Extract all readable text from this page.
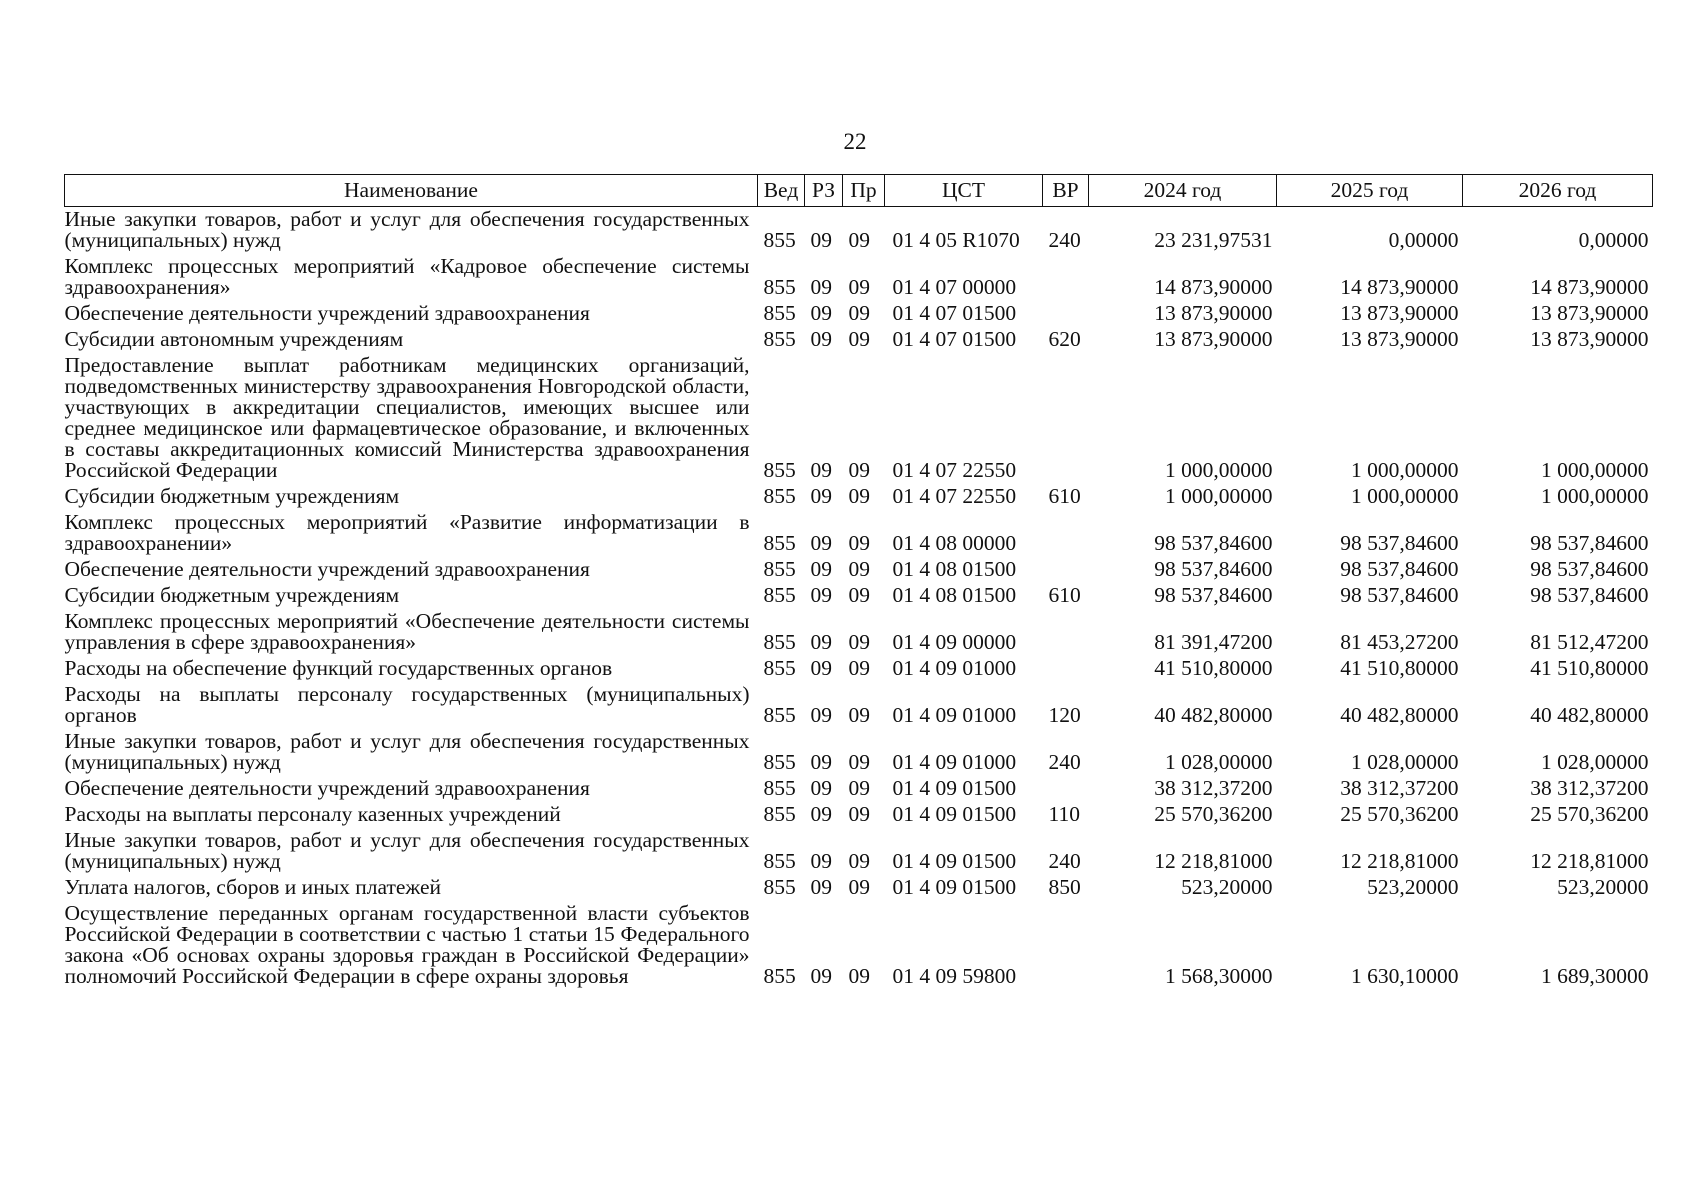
22
Наименование	Вед	РЗ	Пр	ЦСТ	ВР	2024 год	2025 год	2026 год
Иные закупки товаров, работ и услуг для обеспечения государственных (муниципальных) нужд	855	09	09	01 4 05 R1070	240	23 231,97531	0,00000	0,00000
Комплекс процессных мероприятий «Кадровое обеспечение системы здравоохранения»	855	09	09	01 4 07 00000		14 873,90000	14 873,90000	14 873,90000
Обеспечение деятельности учреждений здравоохранения	855	09	09	01 4 07 01500		13 873,90000	13 873,90000	13 873,90000
Субсидии автономным учреждениям	855	09	09	01 4 07 01500	620	13 873,90000	13 873,90000	13 873,90000
Предоставление выплат работникам медицинских организаций, подведомственных министерству здравоохранения Новгородской области, участвующих в аккредитации специалистов, имеющих высшее или среднее медицинское или фармацевтическое образование, и включенных в составы аккредитационных комиссий Министерства здравоохранения Российской Федерации	855	09	09	01 4 07 22550		1 000,00000	1 000,00000	1 000,00000
Субсидии бюджетным учреждениям	855	09	09	01 4 07 22550	610	1 000,00000	1 000,00000	1 000,00000
Комплекс процессных мероприятий «Развитие информатизации в здравоохранении»	855	09	09	01 4 08 00000		98 537,84600	98 537,84600	98 537,84600
Обеспечение деятельности учреждений здравоохранения	855	09	09	01 4 08 01500		98 537,84600	98 537,84600	98 537,84600
Субсидии бюджетным учреждениям	855	09	09	01 4 08 01500	610	98 537,84600	98 537,84600	98 537,84600
Комплекс процессных мероприятий «Обеспечение деятельности системы управления в сфере здравоохранения»	855	09	09	01 4 09 00000		81 391,47200	81 453,27200	81 512,47200
Расходы на обеспечение функций государственных органов	855	09	09	01 4 09 01000		41 510,80000	41 510,80000	41 510,80000
Расходы на выплаты персоналу государственных (муниципальных) органов	855	09	09	01 4 09 01000	120	40 482,80000	40 482,80000	40 482,80000
Иные закупки товаров, работ и услуг для обеспечения государственных (муниципальных) нужд	855	09	09	01 4 09 01000	240	1 028,00000	1 028,00000	1 028,00000
Обеспечение деятельности учреждений здравоохранения	855	09	09	01 4 09 01500		38 312,37200	38 312,37200	38 312,37200
Расходы на выплаты персоналу казенных учреждений	855	09	09	01 4 09 01500	110	25 570,36200	25 570,36200	25 570,36200
Иные закупки товаров, работ и услуг для обеспечения государственных (муниципальных) нужд	855	09	09	01 4 09 01500	240	12 218,81000	12 218,81000	12 218,81000
Уплата налогов, сборов и иных платежей	855	09	09	01 4 09 01500	850	523,20000	523,20000	523,20000
Осуществление переданных органам государственной власти субъектов Российской Федерации в соответствии с частью 1 статьи 15 Федерального закона «Об основах охраны здоровья граждан в Российской Федерации» полномочий Российской Федерации в сфере охраны здоровья	855	09	09	01 4 09 59800		1 568,30000	1 630,10000	1 689,30000
